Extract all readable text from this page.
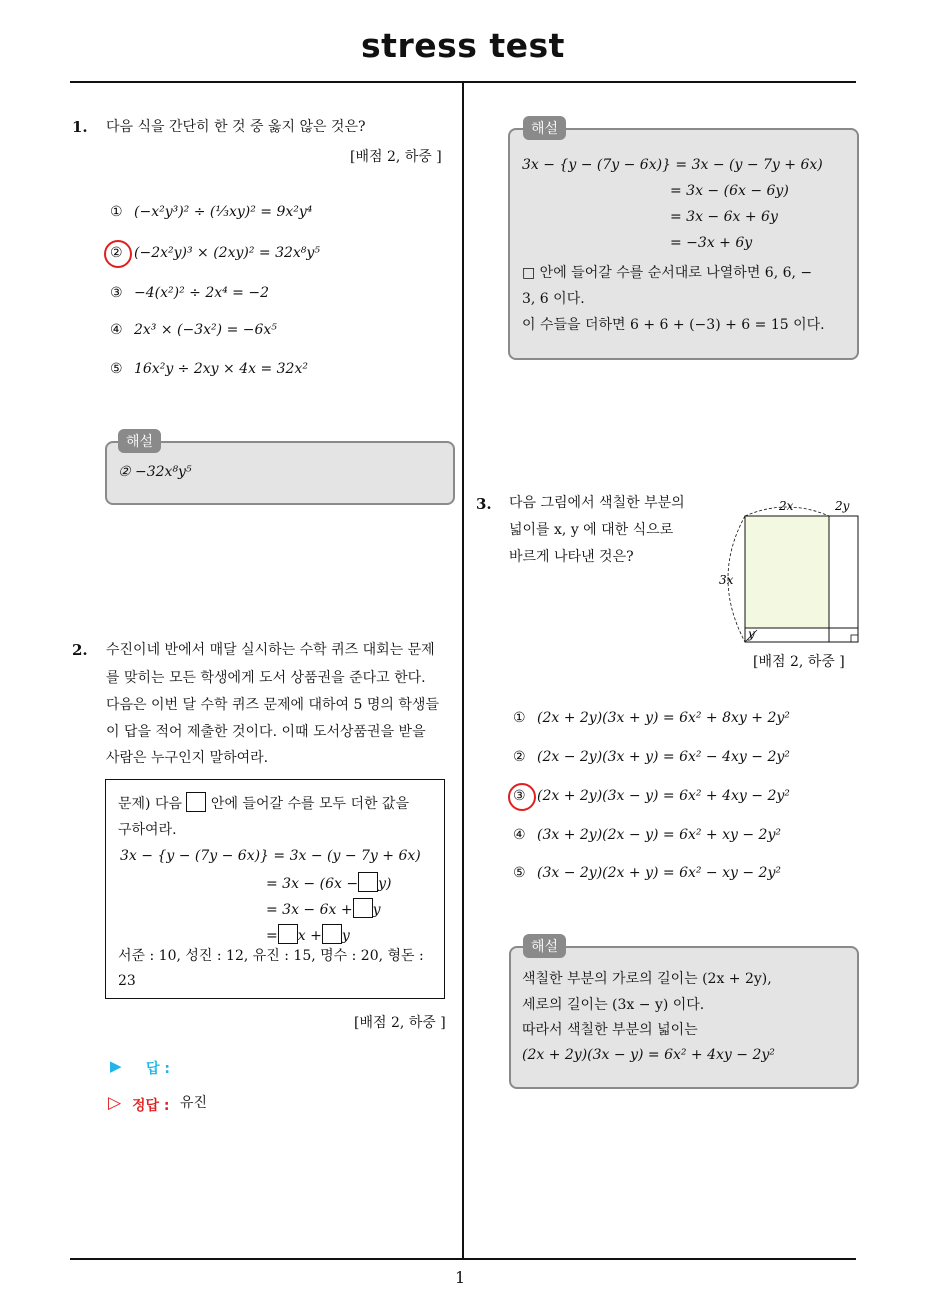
stress test
1
1. 다음 식을 간단히 한 것 중 옳지 않은 것은?
[배점 2, 하중 ]
① (−x²y³)² ÷ (⅓xy)² = 9x²y⁴
② (−2x²y)³ × (2xy)² = 32x⁸y⁵
③ −4(x²)² ÷ 2x⁴ = −2
④ 2x³ × (−3x²) = −6x⁵
⑤ 16x²y ÷ 2xy × 4x = 32x²
해설
② −32x⁸y⁵
2. 수진이네 반에서 매달 실시하는 수학 퀴즈 대회는 문제
를 맞히는 모든 학생에게 도서 상품권을 준다고 한다.
다음은 이번 달 수학 퀴즈 문제에 대하여 5 명의 학생들
이 답을 적어 제출한 것이다. 이때 도서상품권을 받을
사람은 누구인지 말하여라.
문제) 다음 안에 들어갈 수를 모두 더한 값을
구하여라.
3x − {y − (7y − 6x)} = 3x − (y − 7y + 6x)
= 3x − (6x − y)
= 3x − 6x + y
= x + y
서준 : 10, 성진 : 12, 유진 : 15, 명수 : 20, 형돈 :
23
[배점 2, 하중 ]
▶ 답 :
▷ 정답 : 유진
해설
3x − {y − (7y − 6x)} = 3x − (y − 7y + 6x)
= 3x − (6x − 6y)
= 3x − 6x + 6y
= −3x + 6y
□ 안에 들어갈 수를 순서대로 나열하면 6, 6, −
3, 6 이다.
이 수들을 더하면 6 + 6 + (−3) + 6 = 15 이다.
3. 다음 그림에서 색칠한 부분의
넓이를 x, y 에 대한 식으로
바르게 나타낸 것은?
2x	2y
3x
y
[배점 2, 하중 ]
① (2x + 2y)(3x + y) = 6x² + 8xy + 2y²
② (2x − 2y)(3x + y) = 6x² − 4xy − 2y²
③ (2x + 2y)(3x − y) = 6x² + 4xy − 2y²
④ (3x + 2y)(2x − y) = 6x² + xy − 2y²
⑤ (3x − 2y)(2x + y) = 6x² − xy − 2y²
해설
색칠한 부분의 가로의 길이는 (2x + 2y),
세로의 길이는 (3x − y) 이다.
따라서 색칠한 부분의 넓이는
(2x + 2y)(3x − y) = 6x² + 4xy − 2y²
